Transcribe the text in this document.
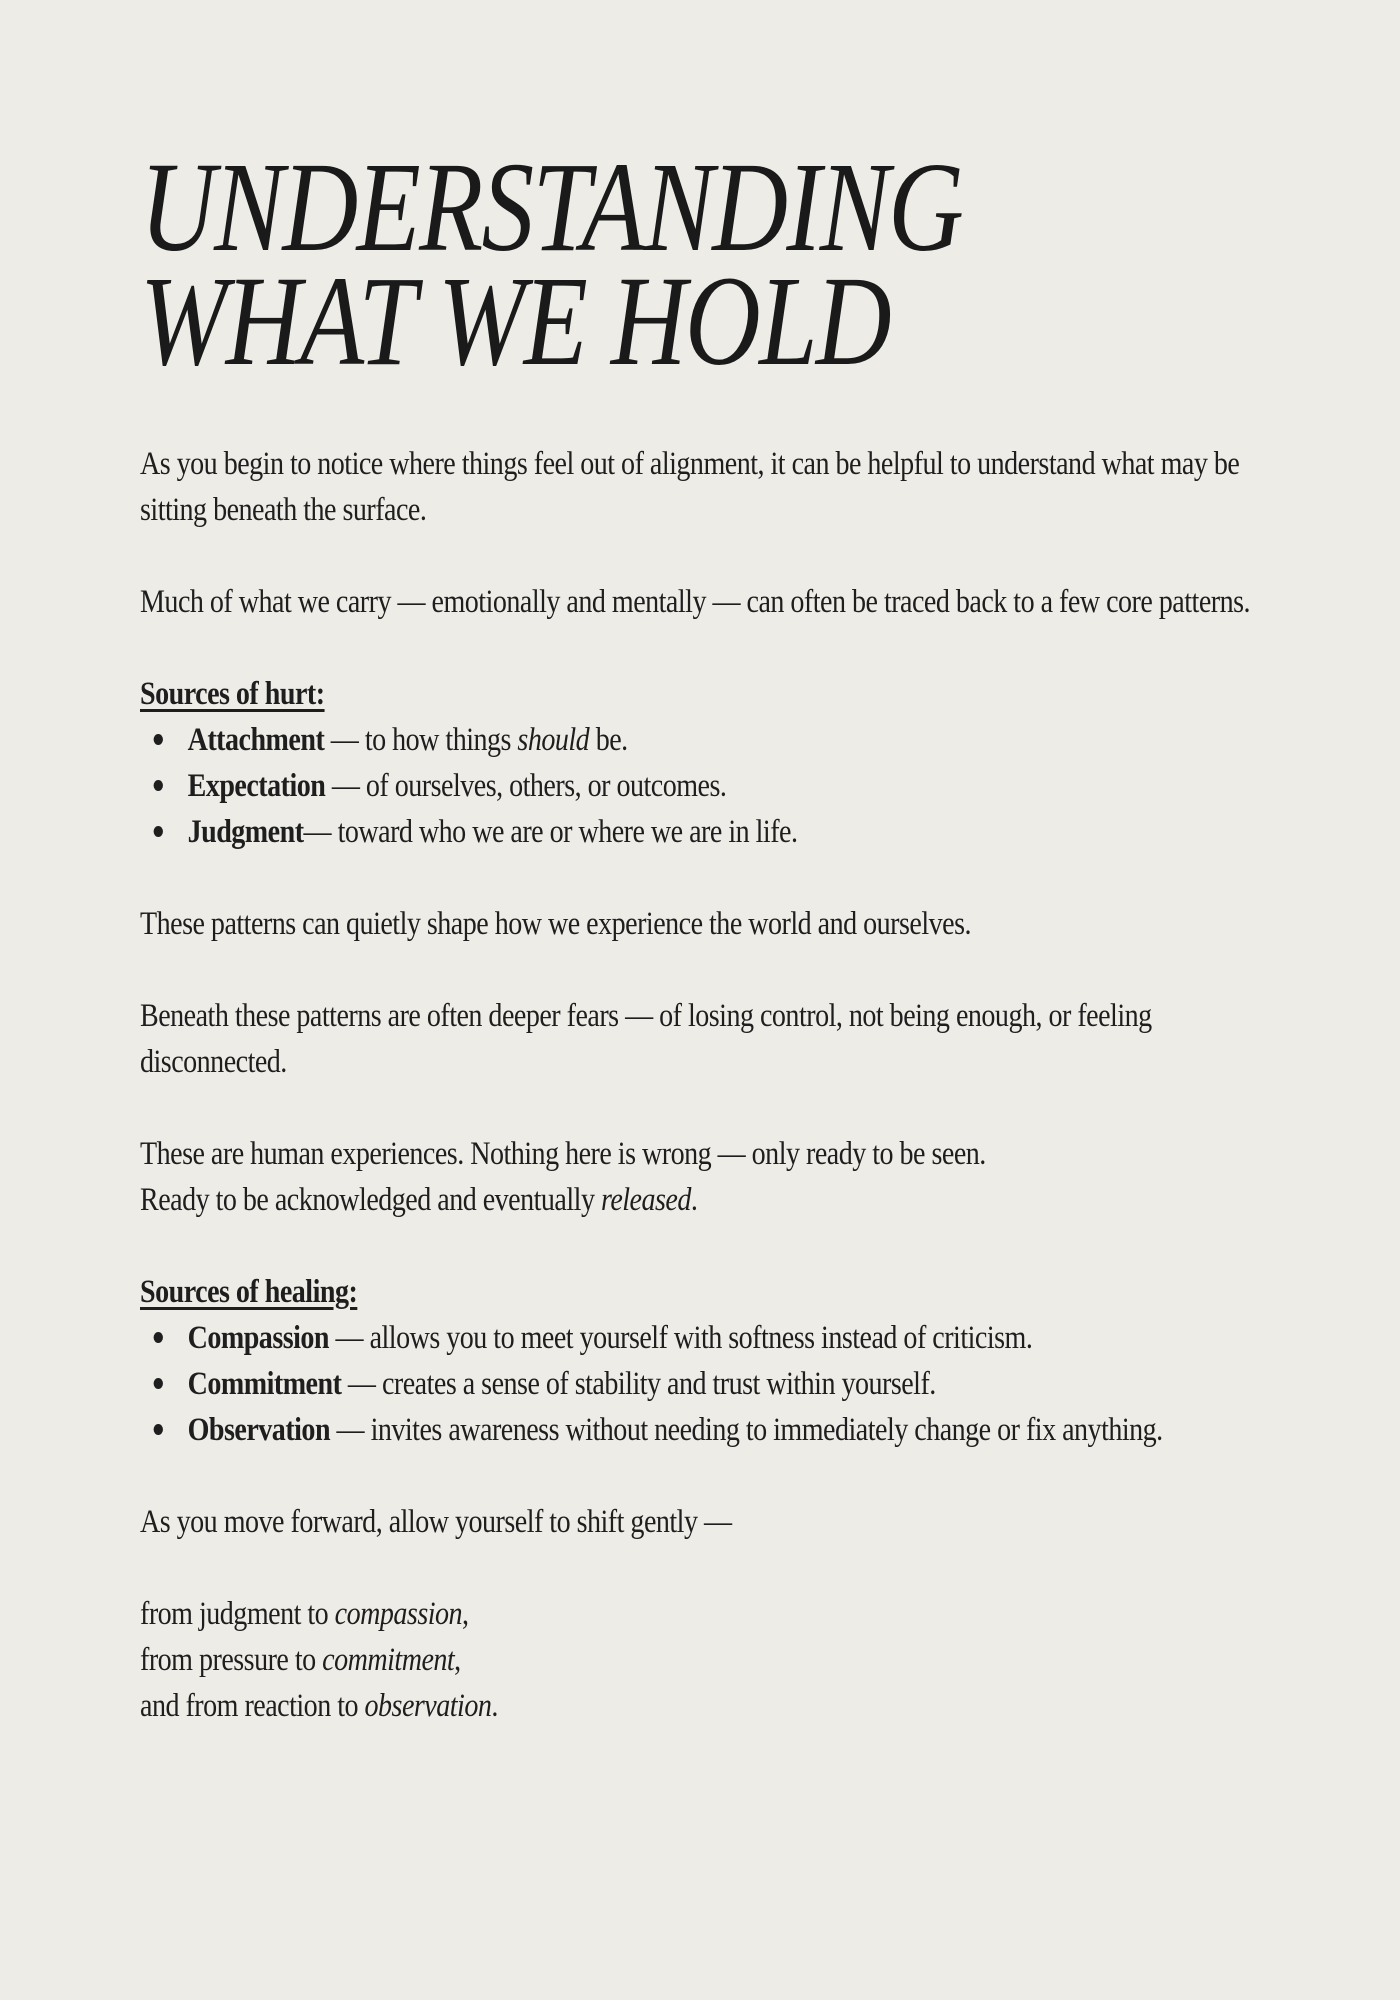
UNDERSTANDING
WHAT WE HOLD

As you begin to notice where things feel out of alignment, it can be helpful to understand what may be sitting beneath the surface.

Much of what we carry — emotionally and mentally — can often be traced back to a few core patterns.

Sources of hurt:

Attachment — to how things should be.
Expectation — of ourselves, others, or outcomes.
Judgment— toward who we are or where we are in life.

These patterns can quietly shape how we experience the world and ourselves.

Beneath these patterns are often deeper fears — of losing control, not being enough, or feeling disconnected.

These are human experiences. Nothing here is wrong — only ready to be seen.
Ready to be acknowledged and eventually released.

Sources of healing:

Compassion — allows you to meet yourself with softness instead of criticism.
Commitment — creates a sense of stability and trust within yourself.
Observation — invites awareness without needing to immediately change or fix anything.

As you move forward, allow yourself to shift gently —

from judgment to compassion,
from pressure to commitment,
and from reaction to observation.
